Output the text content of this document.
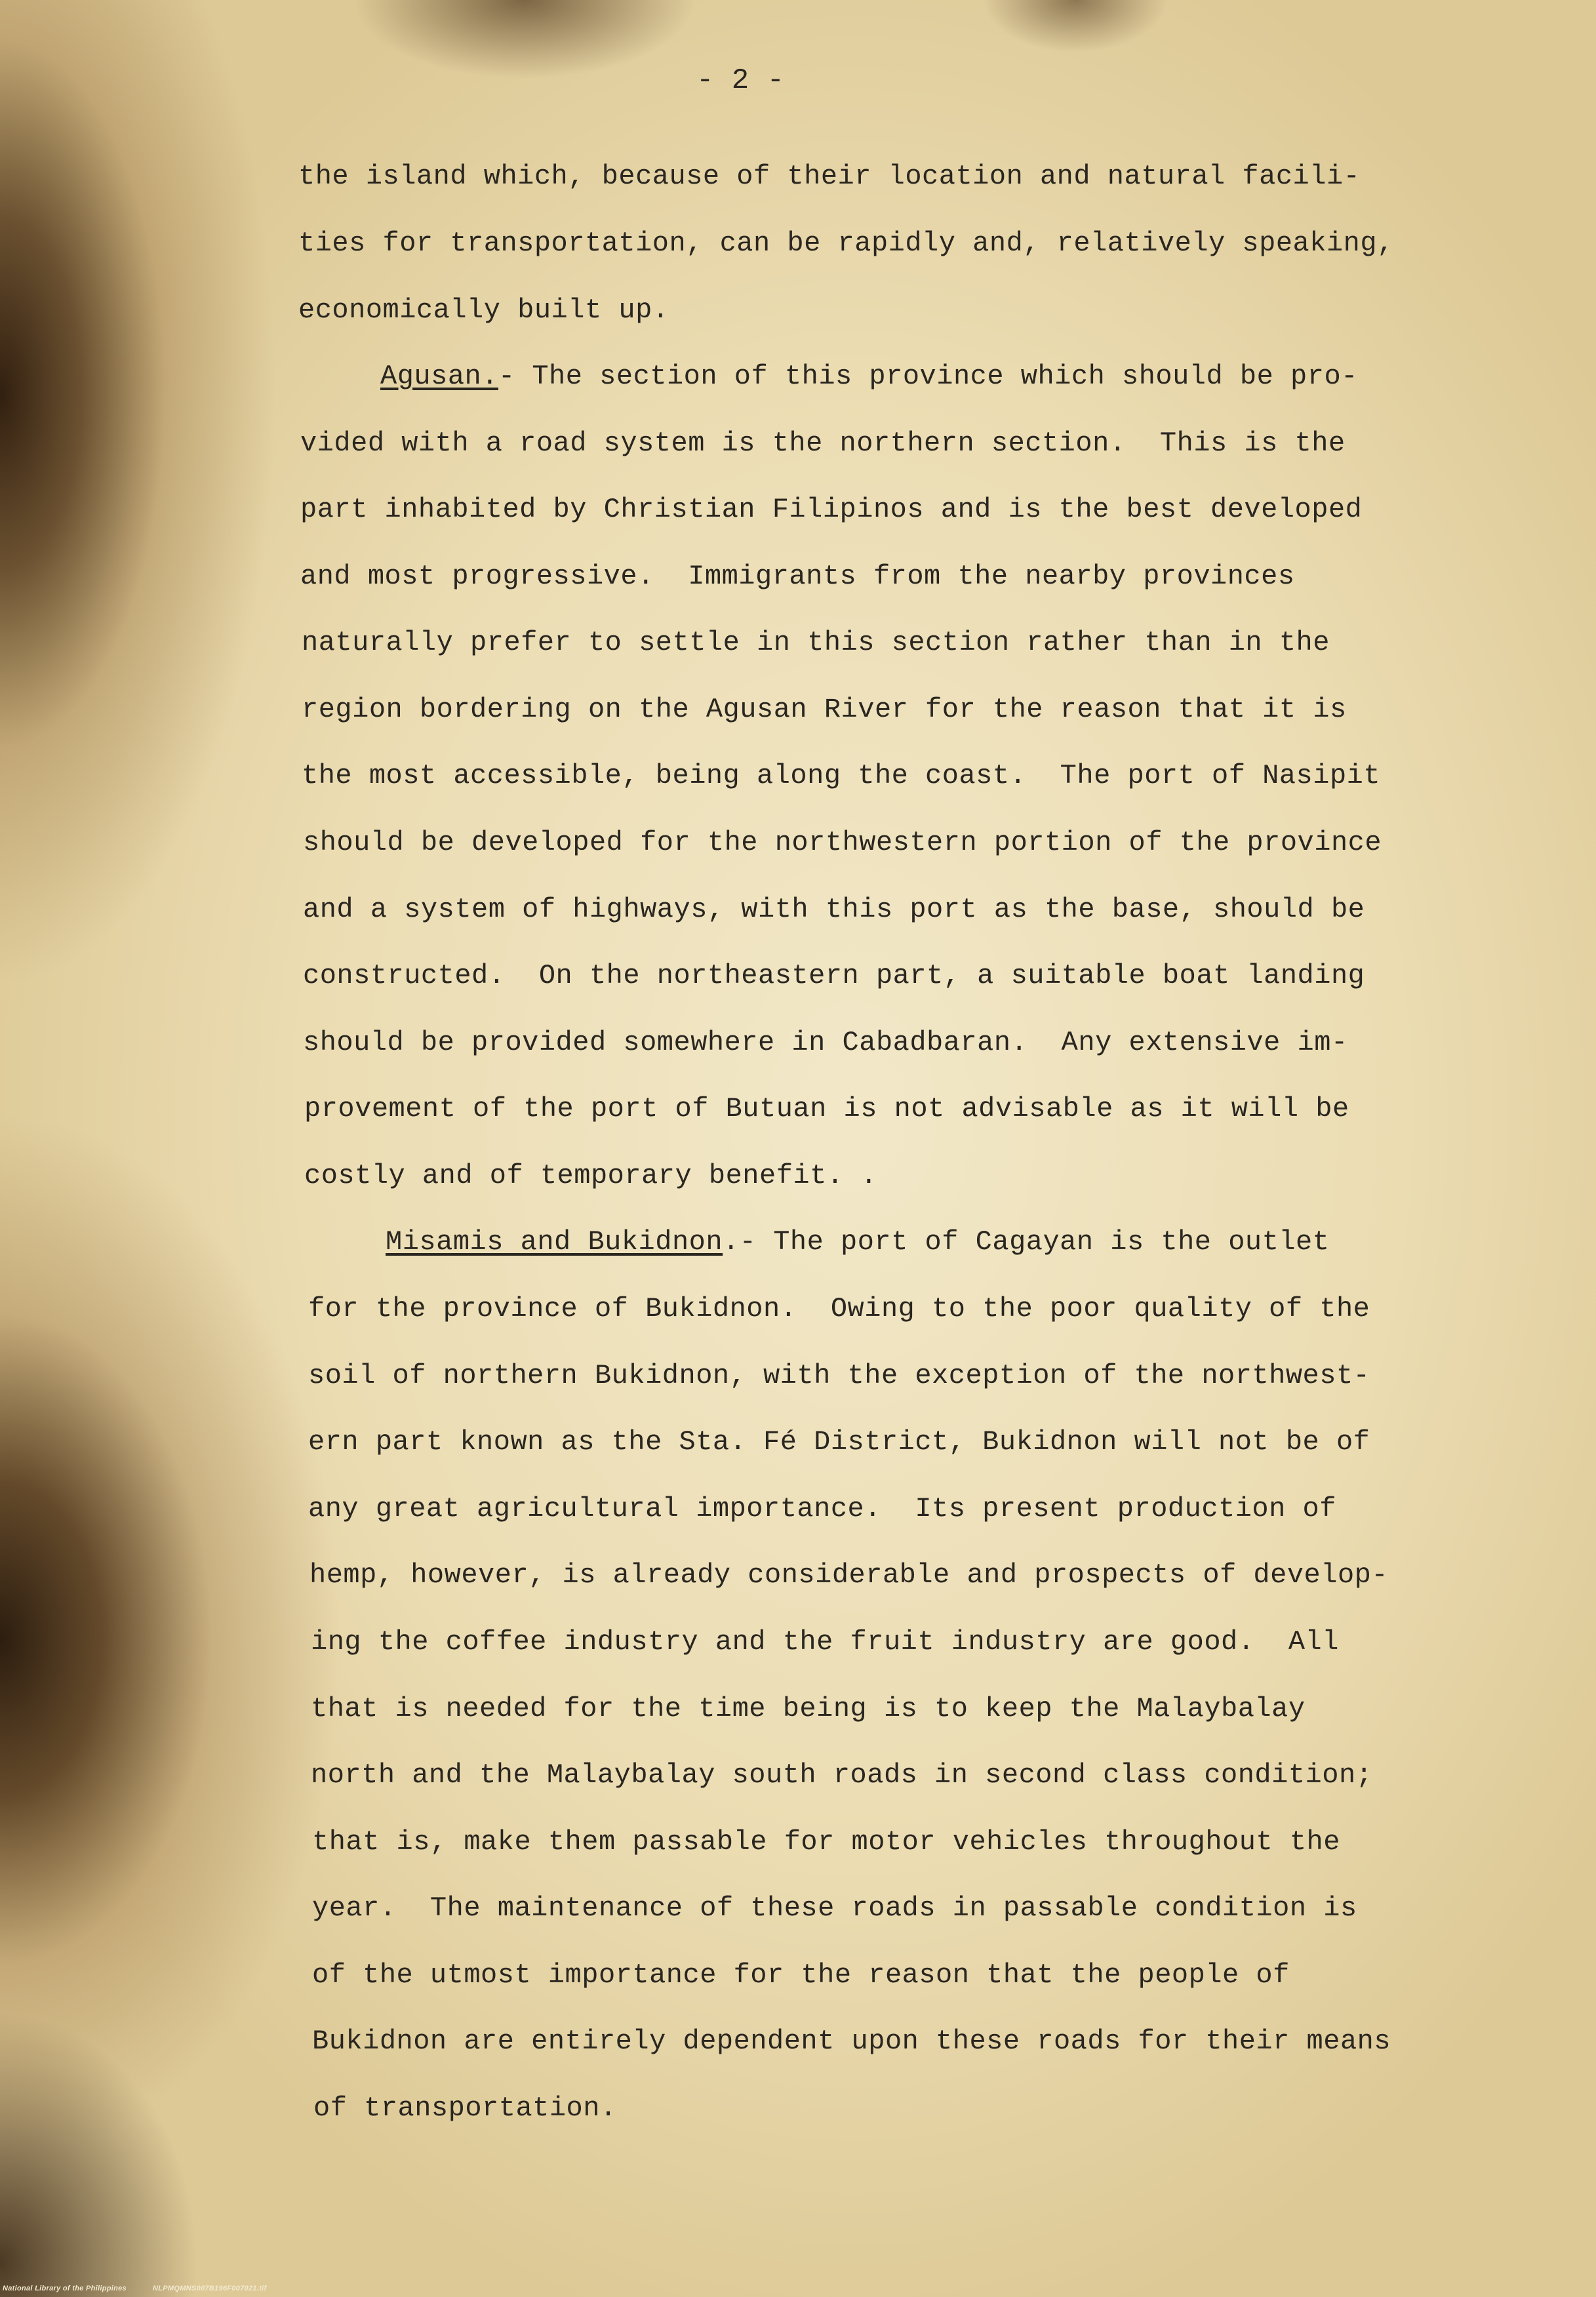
- 2 -
the island which, because of their location and natural facili-
ties for transportation, can be rapidly and, relatively speaking,
economically built up.
Agusan.- The section of this province which should be pro-
vided with a road system is the northern section.  This is the
part inhabited by Christian Filipinos and is the best developed
and most progressive.  Immigrants from the nearby provinces
naturally prefer to settle in this section rather than in the
region bordering on the Agusan River for the reason that it is
the most accessible, being along the coast.  The port of Nasipit
should be developed for the northwestern portion of the province
and a system of highways, with this port as the base, should be
constructed.  On the northeastern part, a suitable boat landing
should be provided somewhere in Cabadbaran.  Any extensive im-
provement of the port of Butuan is not advisable as it will be
costly and of temporary benefit. .
Misamis and Bukidnon.- The port of Cagayan is the outlet
for the province of Bukidnon.  Owing to the poor quality of the
soil of northern Bukidnon, with the exception of the northwest-
ern part known as the Sta. Fé District, Bukidnon will not be of
any great agricultural importance.  Its present production of
hemp, however, is already considerable and prospects of develop-
ing the coffee industry and the fruit industry are good.  All
that is needed for the time being is to keep the Malaybalay
north and the Malaybalay south roads in second class condition;
that is, make them passable for motor vehicles throughout the
year.  The maintenance of these roads in passable condition is
of the utmost importance for the reason that the people of
Bukidnon are entirely dependent upon these roads for their means
of transportation.
National Library of the Philippines	NLPMQMNS007B196F007021.tif
